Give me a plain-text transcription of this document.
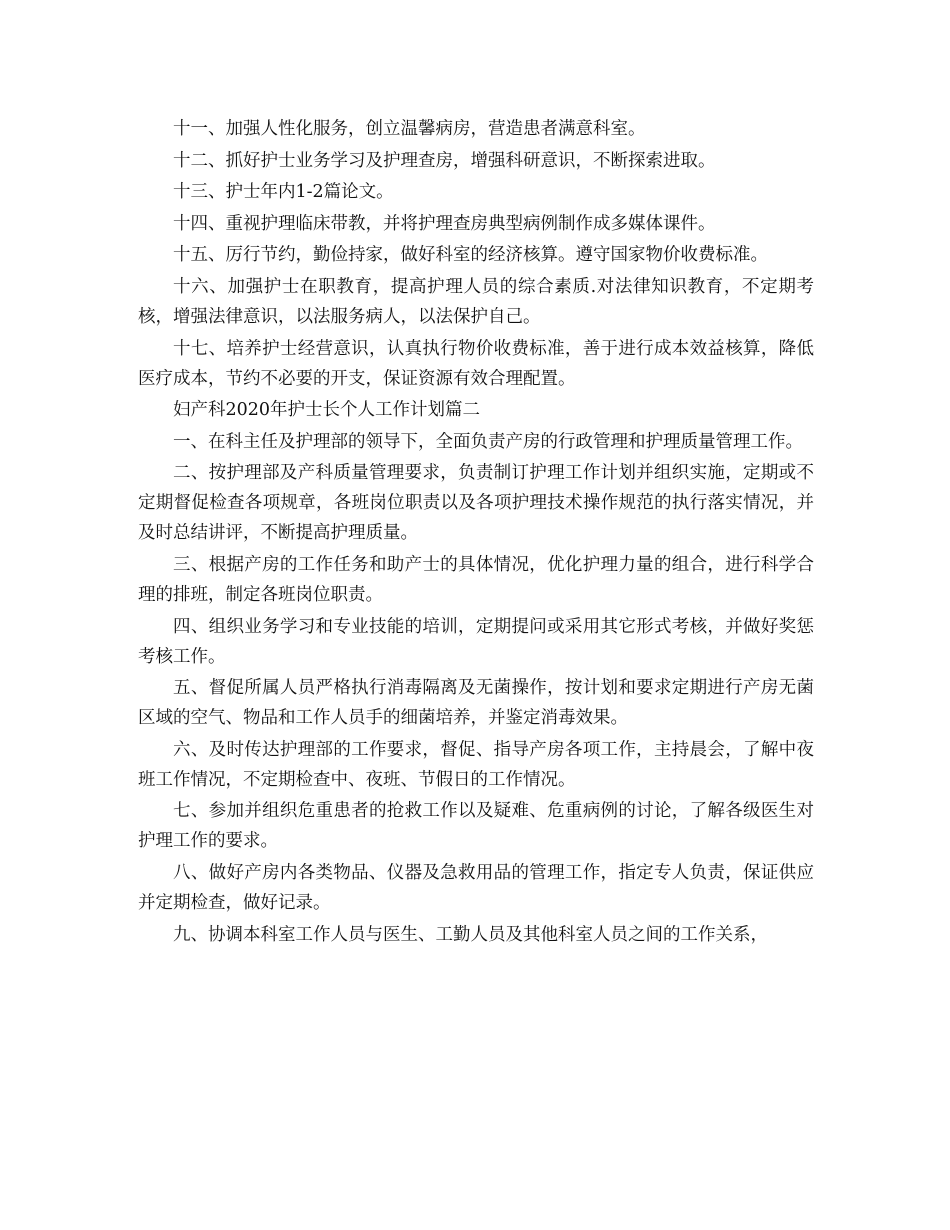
十一、加强人性化服务，创立温馨病房，营造患者满意科室。

十二、抓好护士业务学习及护理查房，增强科研意识，不断探索进取。

十三、护士年内1-2篇论文。

十四、重视护理临床带教，并将护理查房典型病例制作成多媒体课件。

十五、厉行节约，勤俭持家，做好科室的经济核算。遵守国家物价收费标准。

十六、加强护士在职教育，提高护理人员的综合素质.对法律知识教育，不定期考核，增强法律意识，以法服务病人，以法保护自己。

十七、培养护士经营意识，认真执行物价收费标准，善于进行成本效益核算，降低医疗成本，节约不必要的开支，保证资源有效合理配置。

妇产科2020年护士长个人工作计划篇二

一、在科主任及护理部的领导下，全面负责产房的行政管理和护理质量管理工作。

二、按护理部及产科质量管理要求，负责制订护理工作计划并组织实施，定期或不定期督促检查各项规章，各班岗位职责以及各项护理技术操作规范的执行落实情况，并及时总结讲评，不断提高护理质量。

三、根据产房的工作任务和助产士的具体情况，优化护理力量的组合，进行科学合理的排班，制定各班岗位职责。

四、组织业务学习和专业技能的培训，定期提问或采用其它形式考核，并做好奖惩考核工作。

五、督促所属人员严格执行消毒隔离及无菌操作，按计划和要求定期进行产房无菌区域的空气、物品和工作人员手的细菌培养，并鉴定消毒效果。

六、及时传达护理部的工作要求，督促、指导产房各项工作，主持晨会，了解中夜班工作情况，不定期检查中、夜班、节假日的工作情况。

七、参加并组织危重患者的抢救工作以及疑难、危重病例的讨论，了解各级医生对护理工作的要求。

八、做好产房内各类物品、仪器及急救用品的管理工作，指定专人负责，保证供应并定期检查，做好记录。

九、协调本科室工作人员与医生、工勤人员及其他科室人员之间的工作关系，
